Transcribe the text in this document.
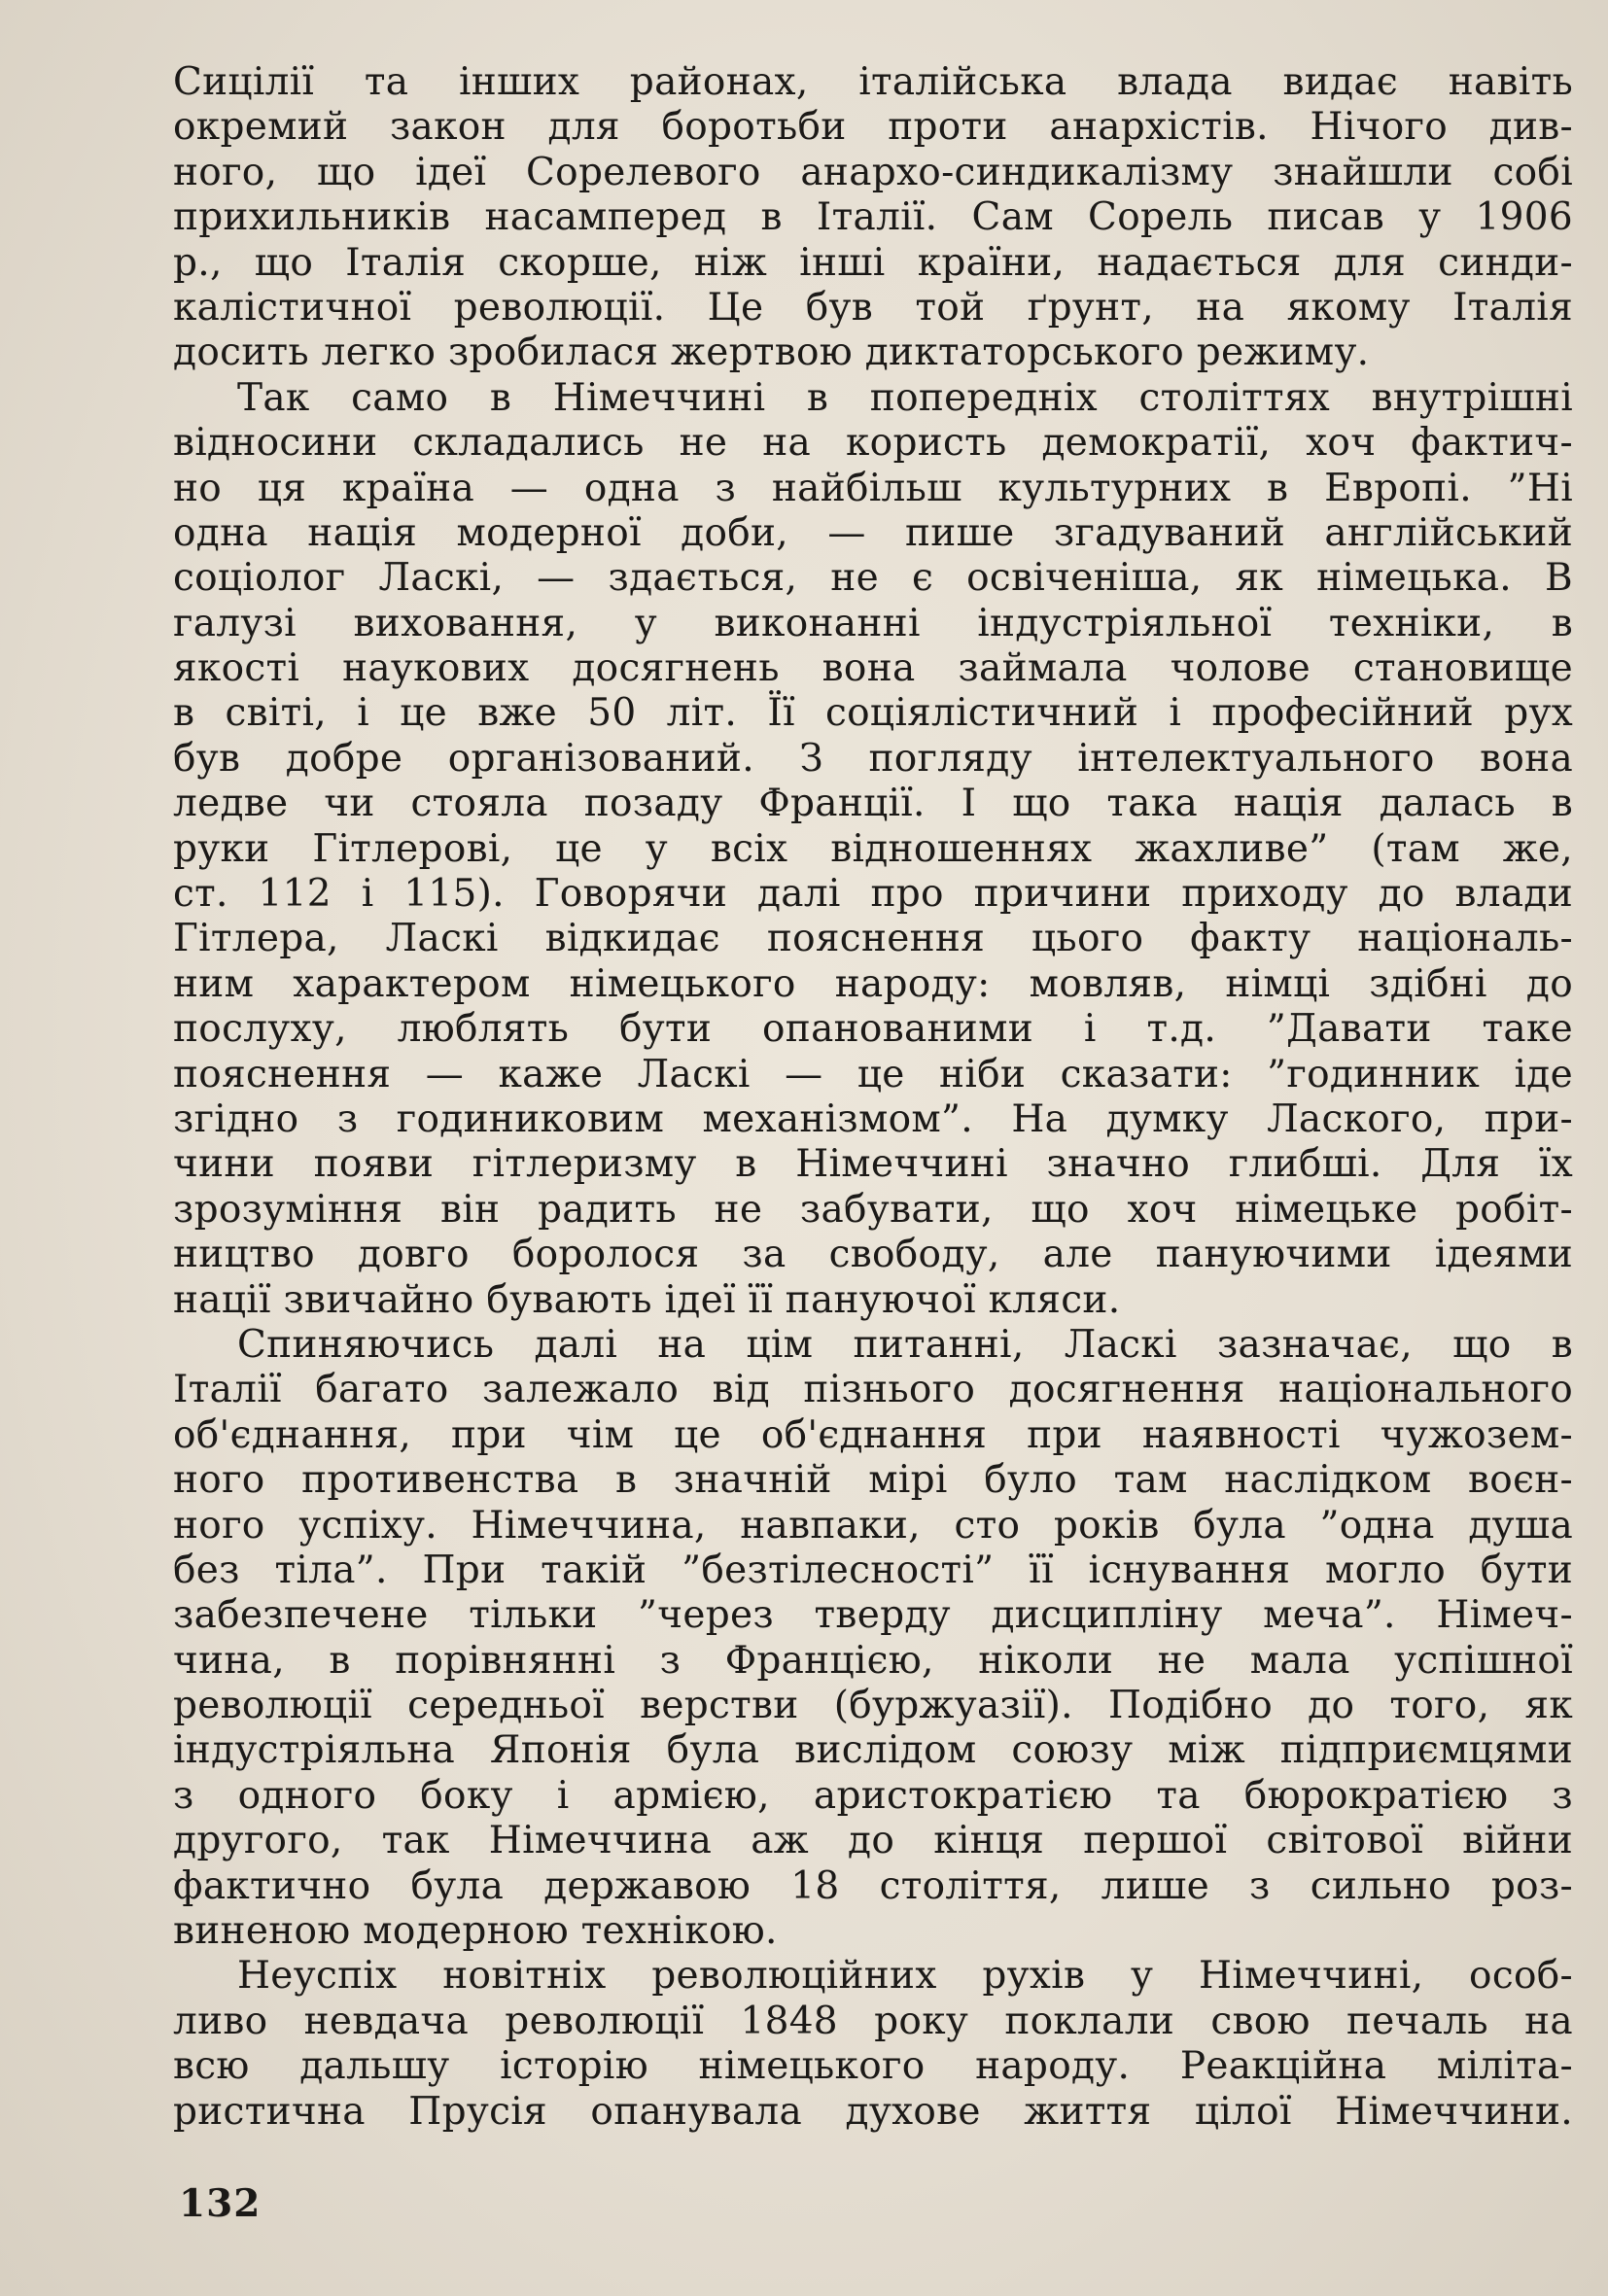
Сицілії та інших районах, італійська влада видає навіть
окремий закон для боротьби проти анархістів. Нічого див-
ного, що ідеї Сорелевого анархо-синдикалізму знайшли собі
прихильників насамперед в Італії. Сам Сорель писав у 1906
р., що Італія скорше, ніж інші країни, надається для синди-
калістичної революції. Це був той ґрунт, на якому Італія
досить легко зробилася жертвою диктаторського режиму.
Так само в Німеччині в попередніх століттях внутрішні
відносини складались не на користь демократії, хоч фактич-
но ця країна — одна з найбільш культурних в Европі. ”Ні
одна нація модерної доби, — пише згадуваний англійський
соціолог Ласкі, — здається, не є освіченіша, як німецька. В
галузі виховання, у виконанні індустріяльної техніки, в
якості наукових досягнень вона займала чолове становище
в світі, і це вже 50 літ. Її соціялістичний і професійний рух
був добре організований. З погляду інтелектуального вона
ледве чи стояла позаду Франції. І що така нація далась в
руки Гітлерові, це у всіх відношеннях жахливе” (там же,
ст. 112 і 115). Говорячи далі про причини приходу до влади
Гітлера, Ласкі відкидає пояснення цього факту національ-
ним характером німецького народу: мовляв, німці здібні до
послуху, люблять бути опанованими і т.д. ”Давати таке
пояснення — каже Ласкі — це ніби сказати: ”годинник іде
згідно з годиниковим механізмом”. На думку Лаского, при-
чини появи гітлеризму в Німеччині значно глибші. Для їх
зрозуміння він радить не забувати, що хоч німецьке робіт-
ництво довго боролося за свободу, але пануючими ідеями
нації звичайно бувають ідеї її пануючої кляси.
Спиняючись далі на цім питанні, Ласкі зазначає, що в
Італії багато залежало від пізнього досягнення національного
об'єднання, при чім це об'єднання при наявності чужозем-
ного противенства в значній мірі було там наслідком воєн-
ного успіху. Німеччина, навпаки, сто років була ”одна душа
без тіла”. При такій ”безтілесності” її існування могло бути
забезпечене тільки ”через тверду дисципліну меча”. Німеч-
чина, в порівнянні з Францією, ніколи не мала успішної
революції середньої верстви (буржуазії). Подібно до того, як
індустріяльна Японія була вислідом союзу між підприємцями
з одного боку і армією, аристократією та бюрократією з
другого, так Німеччина аж до кінця першої світової війни
фактично була державою 18 століття, лише з сильно роз-
виненою модерною технікою.
Неуспіх новітніх революційних рухів у Німеччині, особ-
ливо невдача революції 1848 року поклали свою печаль на
всю дальшу історію німецького народу. Реакційна мілітa-
ристична Прусія опанувала духове життя цілої Німеччини.
132
